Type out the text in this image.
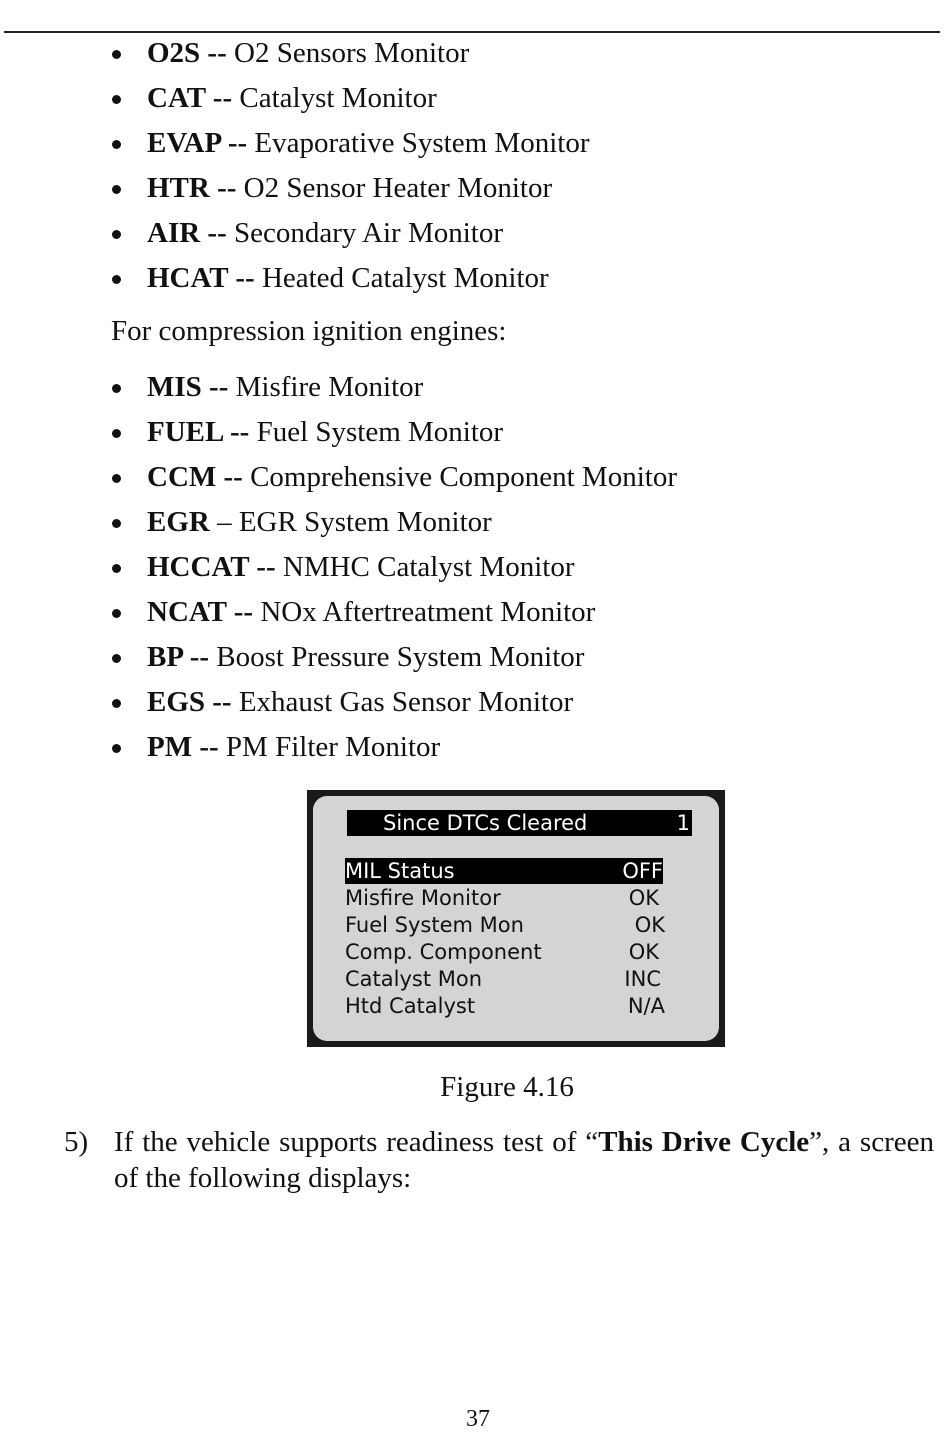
O2S -- O2 Sensors Monitor
CAT -- Catalyst Monitor
EVAP -- Evaporative System Monitor
HTR -- O2 Sensor Heater Monitor
AIR -- Secondary Air Monitor
HCAT -- Heated Catalyst Monitor
For compression ignition engines:
MIS -- Misfire Monitor
FUEL -- Fuel System Monitor
CCM -- Comprehensive Component Monitor
EGR – EGR System Monitor
HCCAT -- NMHC Catalyst Monitor
NCAT -- NOx Aftertreatment Monitor
BP -- Boost Pressure System Monitor
EGS -- Exhaust Gas Sensor Monitor
PM -- PM Filter Monitor
Since DTCs Cleared	1
MIL Status	OFF
Misfire Monitor	OK
Fuel System Mon	OK
Comp. Component	OK
Catalyst Mon	INC
Htd Catalyst	N/A
Figure 4.16
5) If the vehicle supports readiness test of “This Drive Cycle”, a screen of the following displays:
37
